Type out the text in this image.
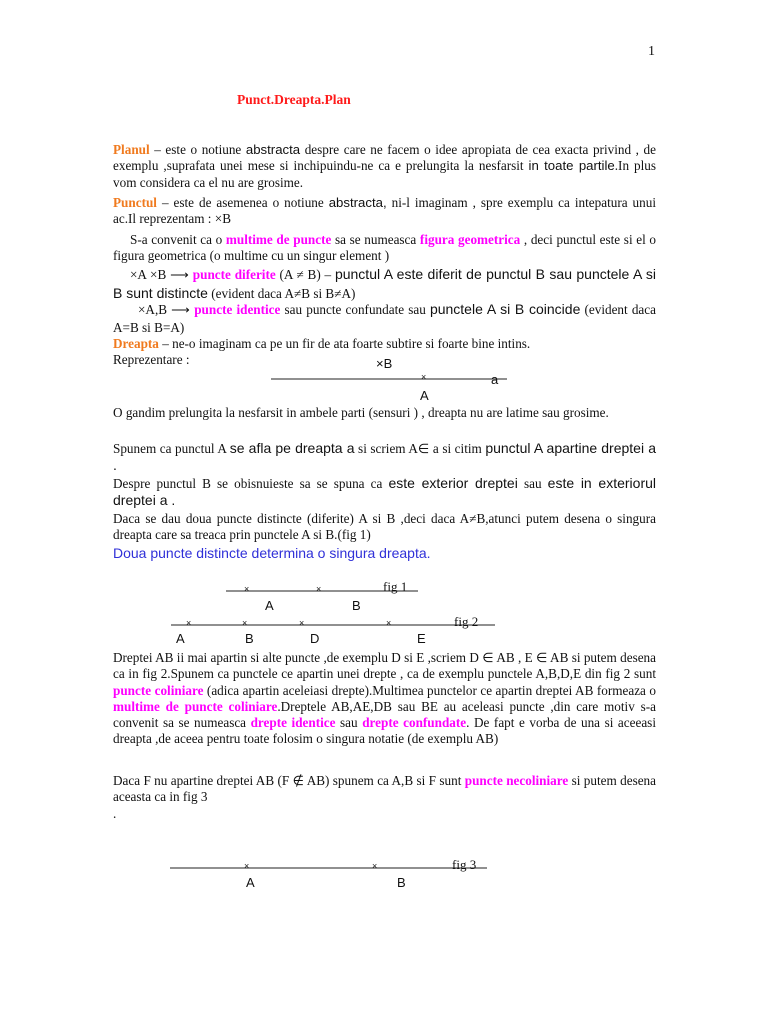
1
Punct.Dreapta.Plan
Planul – este o notiune abstracta despre care ne facem o idee apropiata de cea exacta privind , de exemplu ,suprafata unei mese si inchipuindu-ne ca e prelungita la nesfarsit in toate partile.In plus vom considera ca el nu are grosime.
Punctul – este de asemenea o notiune abstracta, ni-l imaginam , spre exemplu ca intepatura unui ac.Il reprezentam : ×B
S-a convenit ca o multime de puncte sa se numeasca figura geometrica , deci punctul este si el o figura geometrica (o multime cu un singur element )
×A ×B ⟶ puncte diferite (A ≠ B) – punctul A este diferit de punctul B sau punctele A si B sunt distincte (evident daca A≠B si B≠A)
×A,B ⟶ puncte identice sau puncte confundate sau punctele A si B coincide (evident daca A=B si B=A)
Dreapta – ne-o imaginam ca pe un fir de ata foarte subtire si foarte bine intins.
Reprezentare :
×
×	×
×	×	×	×
×	×
×B
A
a
O gandim prelungita la nesfarsit in ambele parti (sensuri ) , dreapta nu are latime sau grosime.
Spunem ca punctul A se afla pe dreapta a si scriem A∈ a si citim punctul A apartine dreptei a .
Despre punctul B se obisnuieste sa se spuna ca este exterior dreptei sau este in exteriorul dreptei a .
Daca se dau doua puncte distincte (diferite) A si B ,deci daca A≠B,atunci putem desena o singura dreapta care sa treaca prin punctele A si B.(fig 1)
Doua puncte distincte determina o singura dreapta.
fig 1
A	B
fig 2
A	B	D	E
Dreptei AB ii mai apartin si alte puncte ,de exemplu D si E ,scriem D ∈ AB , E ∈ AB si putem desena ca in fig 2.Spunem ca punctele ce apartin unei drepte , ca de exemplu punctele A,B,D,E din fig 2 sunt puncte coliniare (adica apartin aceleiasi drepte).Multimea punctelor ce apartin dreptei AB formeaza o multime de puncte coliniare.Dreptele AB,AE,DB sau BE au aceleasi puncte ,din care motiv s-a convenit sa se numeasca drepte identice sau drepte confundate. De fapt e vorba de una si aceeasi dreapta ,de aceea pentru toate folosim o singura notatie (de exemplu AB)
Daca F nu apartine dreptei AB (F ∉ AB) spunem ca A,B si F sunt puncte necoliniare si putem desena aceasta ca in fig 3
.
fig 3
A	B
